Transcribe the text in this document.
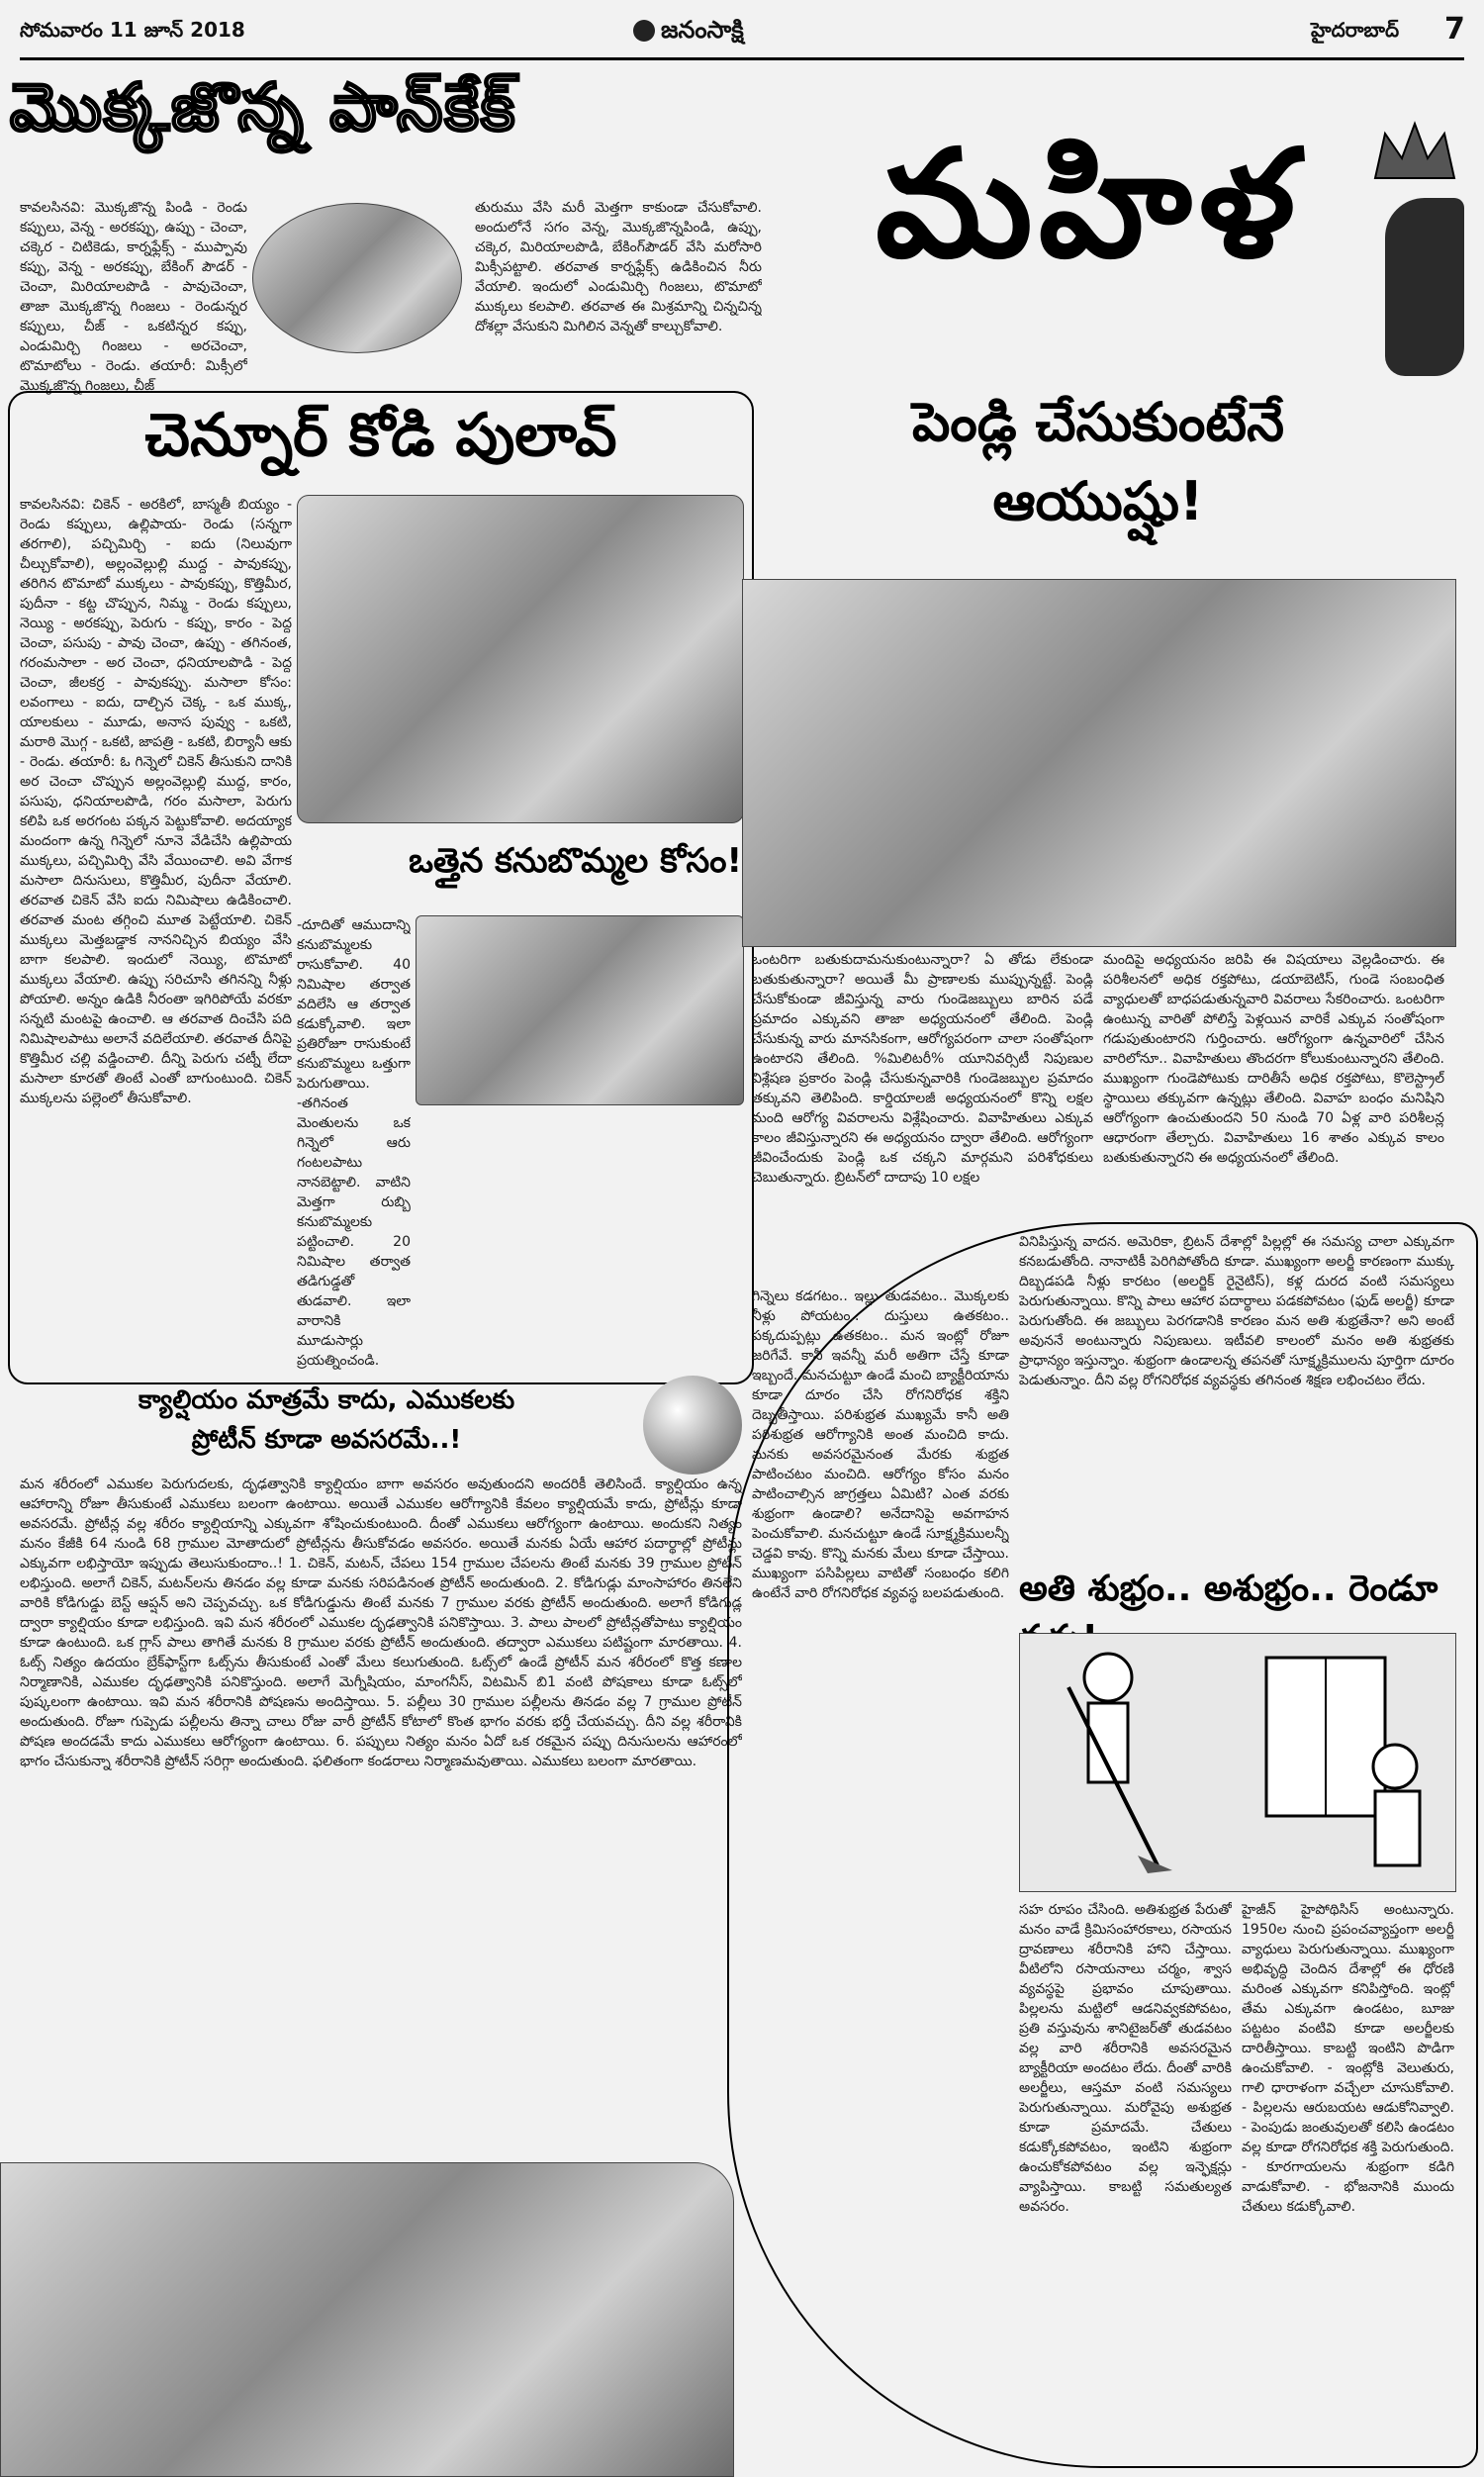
సోమవారం 11 జూన్ 2018	జనంసాక్షి	హైదరాబాద్ 7
మొక్కజొన్న పాన్‌కేక్
కావలసినవి: మొక్కజొన్న పిండి - రెండు కప్పులు, వెన్న - అరకప్పు, ఉప్పు - చెంచా, చక్కెర - చిటికెడు, కార్నఫ్లేక్స్ - ముప్పావు కప్పు, వెన్న - అరకప్పు, బేకింగ్ పౌడర్ - చెంచా, మిరియాలపొడి - పావుచెంచా, తాజా మొక్కజొన్న గింజలు - రెండున్నర కప్పులు, చీజ్ - ఒకటిన్నర కప్పు, ఎండుమిర్చి గింజలు - అరచెంచా, టొమాటోలు - రెండు. తయారీ: మిక్సీలో మొక్కజొన్న గింజలు, చీజ్
తురుము వేసి మరీ మెత్తగా కాకుండా చేసుకోవాలి. అందులోనే సగం వెన్న, మొక్కజొన్నపిండి, ఉప్పు, చక్కెర, మిరియాలపొడి, బేకింగ్‌పౌడర్ వేసి మరోసారి మిక్సీపట్టాలి. తరవాత కార్నఫ్లేక్స్ ఉడికించిన నీరు వేయాలి. ఇందులో ఎండుమిర్చి గింజలు, టొమాటో ముక్కలు కలపాలి. తరవాత ఈ మిశ్రమాన్ని చిన్నచిన్న దోశల్లా వేసుకుని మిగిలిన వెన్నతో కాల్చుకోవాలి.
మహిళ
చెన్నూర్ కోడి పులావ్
కావలసినవి: చికెన్ - అరకిలో, బాస్మతీ బియ్యం - రెండు కప్పులు, ఉల్లిపాయ- రెండు (సన్నగా తరగాలి), పచ్చిమిర్చి - ఐదు (నిలువుగా చీల్చుకోవాలి), అల్లంవెల్లుల్లి ముద్ద - పావుకప్పు, తరిగిన టొమాటో ముక్కలు - పావుకప్పు, కొత్తిమీర, పుదీనా - కట్ట చొప్పున, నిమ్మ - రెండు కప్పులు, నెయ్యి - అరకప్పు, పెరుగు - కప్పు, కారం - పెద్ద చెంచా, పసుపు - పావు చెంచా, ఉప్పు - తగినంత, గరంమసాలా - అర చెంచా, ధనియాలపొడి - పెద్ద చెంచా, జీలకర్ర - పావుకప్పు. మసాలా కోసం: లవంగాలు - ఐదు, దాల్చిన చెక్క - ఒక ముక్క, యాలకులు - మూడు, అనాస పువ్వు - ఒకటి, మరాఠి మొగ్గ - ఒకటి, జాపత్రి - ఒకటి, బిర్యానీ ఆకు - రెండు. తయారీ: ఓ గిన్నెలో చికెన్ తీసుకుని దానికి అర చెంచా చొప్పున అల్లంవెల్లుల్లి ముద్ద, కారం, పసుపు, ధనియాలపొడి, గరం మసాలా, పెరుగు కలిపి ఒక అరగంట పక్కన పెట్టుకోవాలి. అదయ్యాక మందంగా ఉన్న గిన్నెలో నూనె వేడిచేసి ఉల్లిపాయ ముక్కలు, పచ్చిమిర్చి వేసి వేయించాలి. అవి వేగాక మసాలా దినుసులు, కొత్తిమీర, పుదీనా వేయాలి. తరవాత చికెన్ వేసి ఐదు నిమిషాలు ఉడికించాలి. తరవాత మంట తగ్గించి మూత పెట్టేయాలి. చికెన్ ముక్కలు మెత్తబడ్డాక నాననిచ్చిన బియ్యం వేసి బాగా కలపాలి. ఇందులో నెయ్యి, టొమాటో ముక్కలు వేయాలి. ఉప్పు సరిచూసి తగినన్ని నీళ్లు పోయాలి. అన్నం ఉడికి నీరంతా ఇగిరిపోయే వరకూ సన్నటి మంటపై ఉంచాలి. ఆ తరవాత దించేసి పది నిమిషాలపాటు అలానే వదిలేయాలి. తరవాత దీనిపై కొత్తిమీర చల్లి వడ్డించాలి. దీన్ని పెరుగు చట్నీ లేదా మసాలా కూరతో తింటే ఎంతో బాగుంటుంది. చికెన్ ముక్కలను పల్లెంలో తీసుకోవాలి.
ఒత్తైన కనుబొమ్మల కోసం!
-దూదితో ఆముదాన్ని కనుబొమ్మలకు రాసుకోవాలి. 40 నిమిషాల తర్వాత వదిలేసి ఆ తర్వాత కడుక్కోవాలి. ఇలా ప్రతిరోజూ రాసుకుంటే కనుబొమ్మలు ఒత్తుగా పెరుగుతాయి. -తగినంత మెంతులను ఒక గిన్నెలో ఆరు గంటలపాటు నానబెట్టాలి. వాటిని మెత్తగా రుబ్బి కనుబొమ్మలకు పట్టించాలి. 20 నిమిషాల తర్వాత తడిగుడ్డతో తుడవాలి. ఇలా వారానికి మూడుసార్లు ప్రయత్నించండి.
పెండ్లి చేసుకుంటేనే
ఆయుష్షు!
ఒంటరిగా బతుకుదామనుకుంటున్నారా? ఏ తోడు లేకుండా బతుకుతున్నారా? అయితే మీ ప్రాణాలకు ముప్పున్నట్టే. పెండ్లి చేసుకోకుండా జీవిస్తున్న వారు గుండెజబ్బులు బారిన పడే ప్రమాదం ఎక్కువని తాజా అధ్యయనంలో తేలింది. పెండ్లి చేసుకున్న వారు మానసికంగా, ఆరోగ్యపరంగా చాలా సంతోషంగా ఉంటారని తేలింది. %మిలిటరీ% యూనివర్సిటీ నిపుణుల విశ్లేషణ ప్రకారం పెండ్లి చేసుకున్నవారికి గుండెజబ్బుల ప్రమాదం తక్కువని తెలిపింది. కార్డియాలజీ అధ్యయనంలో కొన్ని లక్షల మంది ఆరోగ్య వివరాలను విశ్లేషించారు. వివాహితులు ఎక్కువ కాలం జీవిస్తున్నారని ఈ అధ్యయనం ద్వారా తేలింది. ఆరోగ్యంగా జీవించేందుకు పెండ్లి ఒక చక్కని మార్గమని పరిశోధకులు చెబుతున్నారు. బ్రిటన్‌లో దాదాపు 10 లక్షల
మందిపై అధ్యయనం జరిపి ఈ విషయాలు వెల్లడించారు. ఈ పరిశీలనలో అధిక రక్తపోటు, డయాబెటిస్, గుండె సంబంధిత వ్యాధులతో బాధపడుతున్నవారి వివరాలు సేకరించారు. ఒంటరిగా ఉంటున్న వారితో పోలిస్తే పెళ్లయిన వారికే ఎక్కువ సంతోషంగా గడుపుతుంటారని గుర్తించారు. ఆరోగ్యంగా ఉన్నవారిలో చేసిన వారిలోనూ.. వివాహితులు తొందరగా కోలుకుంటున్నారని తేలింది. ముఖ్యంగా గుండెపోటుకు దారితీసే అధిక రక్తపోటు, కొలెస్ట్రాల్ స్థాయిలు తక్కువగా ఉన్నట్లు తేలింది. వివాహ బంధం మనిషిని ఆరోగ్యంగా ఉంచుతుందని 50 నుండి 70 ఏళ్ల వారి పరిశీలన్ల ఆధారంగా తేల్చారు. వివాహితులు 16 శాతం ఎక్కువ కాలం బతుకుతున్నారని ఈ అధ్యయనంలో తేలింది.
క్యాల్షియం మాత్రమే కాదు, ఎముకలకు
ప్రోటీన్ కూడా అవసరమే..!
మన శరీరంలో ఎముకల పెరుగుదలకు, దృఢత్వానికి క్యాల్షియం బాగా అవసరం అవుతుందని అందరికీ తెలిసిందే. క్యాల్షియం ఉన్న ఆహారాన్ని రోజూ తీసుకుంటే ఎముకలు బలంగా ఉంటాయి. అయితే ఎముకల ఆరోగ్యానికి కేవలం క్యాల్షియమే కాదు, ప్రోటీన్లు కూడా అవసరమే. ప్రోటీన్ల వల్ల శరీరం క్యాల్షియాన్ని ఎక్కువగా శోషించుకుంటుంది. దీంతో ఎముకలు ఆరోగ్యంగా ఉంటాయి. అందుకని నిత్యం మనం కేజీకి 64 నుండి 68 గ్రాముల మోతాదులో ప్రోటీన్లను తీసుకోవడం అవసరం. అయితే మనకు ఏయే ఆహార పదార్థాల్లో ప్రోటీన్లు ఎక్కువగా లభిస్తాయో ఇప్పుడు తెలుసుకుందాం..! 1. చికెన్, మటన్, చేపలు 154 గ్రాముల చేపలను తింటే మనకు 39 గ్రాముల ప్రోటీన్ లభిస్తుంది. అలాగే చికెన్, మటన్‌లను తినడం వల్ల కూడా మనకు సరిపడినంత ప్రోటీన్ అందుతుంది. 2. కోడిగుడ్లు మాంసాహారం తినలేని వారికి కోడిగుడ్డు బెస్ట్ ఆప్షన్ అని చెప్పవచ్చు. ఒక కోడిగుడ్డును తింటే మనకు 7 గ్రాముల వరకు ప్రోటీన్ అందుతుంది. అలాగే కోడిగుడ్ల ద్వారా క్యాల్షియం కూడా లభిస్తుంది. ఇవి మన శరీరంలో ఎముకల దృఢత్వానికి పనికొస్తాయి. 3. పాలు పాలలో ప్రోటీన్లతోపాటు క్యాల్షియం కూడా ఉంటుంది. ఒక గ్లాస్ పాలు తాగితే మనకు 8 గ్రాముల వరకు ప్రోటీన్ అందుతుంది. తద్వారా ఎముకలు పటిష్టంగా మారతాయి. 4. ఓట్స్ నిత్యం ఉదయం బ్రేక్‌ఫాస్ట్‌గా ఓట్స్‌ను తీసుకుంటే ఎంతో మేలు కలుగుతుంది. ఓట్స్‌లో ఉండే ప్రోటీన్ మన శరీరంలో కొత్త కణాల నిర్మాణానికి, ఎముకల దృఢత్వానికి పనికొస్తుంది. అలాగే మెగ్నీషియం, మాంగనీస్, విటమిన్ బి1 వంటి పోషకాలు కూడా ఓట్స్‌లో పుష్కలంగా ఉంటాయి. ఇవి మన శరీరానికి పోషణను అందిస్తాయి. 5. పల్లీలు 30 గ్రాముల పల్లీలను తినడం వల్ల 7 గ్రాముల ప్రోటీన్ అందుతుంది. రోజూ గుప్పెడు పల్లీలను తిన్నా చాలు రోజు వారీ ప్రోటీన్ కోటాలో కొంత భాగం వరకు భర్తీ చేయవచ్చు. దీని వల్ల శరీరానికి పోషణ అందడమే కాదు ఎముకలు ఆరోగ్యంగా ఉంటాయి. 6. పప్పులు నిత్యం మనం ఏదో ఒక రకమైన పప్పు దినుసులను ఆహారంలో భాగం చేసుకున్నా శరీరానికి ప్రోటీన్ సరిగ్గా అందుతుంది. ఫలితంగా కండరాలు నిర్మాణమవుతాయి. ఎముకలు బలంగా మారతాయి.
వినిపిస్తున్న వాదన. అమెరికా, బ్రిటన్ దేశాల్లో పిల్లల్లో ఈ సమస్య చాలా ఎక్కువగా కనబడుతోంది. నానాటికీ పెరిగిపోతోంది కూడా. ముఖ్యంగా అలర్జీ కారణంగా ముక్కు దిబ్బడపడి నీళ్లు కారటం (అలర్జిక్ రైనైటిస్), కళ్ల దురద వంటి సమస్యలు పెరుగుతున్నాయి. కొన్ని పాలు ఆహార పదార్థాలు పడకపోవటం (ఫుడ్ అలర్జీ) కూడా పెరుగుతోంది. ఈ జబ్బులు పెరగడానికి కారణం మన అతి శుభ్రతేనా? అని అంటే అవుననే అంటున్నారు నిపుణులు. ఇటీవలి కాలంలో మనం అతి శుభ్రతకు ప్రాధాన్యం ఇస్తున్నాం. శుభ్రంగా ఉండాలన్న తపనతో సూక్ష్మక్రిములను పూర్తిగా దూరం పెడుతున్నాం. దీని వల్ల రోగనిరోధక వ్యవస్థకు తగినంత శిక్షణ లభించటం లేదు.
గిన్నెలు కడగటం.. ఇల్లు తుడవటం.. మొక్కలకు నీళ్లు పోయటం.. దుస్తులు ఉతకటం.. పక్కదుప్పట్లు ఉతకటం.. మన ఇంట్లో రోజూ జరిగేవే. కానీ ఇవన్నీ మరీ అతిగా చేస్తే కూడా ఇబ్బందే. మనచుట్టూ ఉండే మంచి బ్యాక్టీరియాను కూడా దూరం చేసి రోగనిరోధక శక్తిని దెబ్బతీస్తాయి. పరిశుభ్రత ముఖ్యమే కానీ అతి పరిశుభ్రత ఆరోగ్యానికి అంత మంచిది కాదు. మనకు అవసరమైనంత మేరకు శుభ్రత పాటించటం మంచిది. ఆరోగ్యం కోసం మనం పాటించాల్సిన జాగ్రత్తలు ఏమిటి? ఎంత వరకు శుభ్రంగా ఉండాలి? అనేదానిపై అవగాహన పెంచుకోవాలి. మనచుట్టూ ఉండే సూక్ష్మక్రిములన్నీ చెడ్డవి కావు. కొన్ని మనకు మేలు కూడా చేస్తాయి. ముఖ్యంగా పసిపిల్లలు వాటితో సంబంధం కలిగి ఉంటేనే వారి రోగనిరోధక వ్యవస్థ బలపడుతుంది. అతి శుభ్రం.. అశుభ్రం.. రెండూ
సహ రూపం చేసింది. అతిశుభ్రత పేరుతో మనం వాడే క్రిమిసంహారకాలు, రసాయన ద్రావణాలు శరీరానికి హాని చేస్తాయి. వీటిలోని రసాయనాలు చర్మం, శ్వాస వ్యవస్థపై ప్రభావం చూపుతాయి. పిల్లలను మట్టిలో ఆడనివ్వకపోవటం, ప్రతి వస్తువును శానిటైజర్‌తో తుడవటం వల్ల వారి శరీరానికి అవసరమైన బ్యాక్టీరియా అందటం లేదు. దీంతో వారికి అలర్జీలు, ఆస్తమా వంటి సమస్యలు పెరుగుతున్నాయి. మరోవైపు అశుభ్రత కూడా ప్రమాదమే. చేతులు కడుక్కోకపోవటం, ఇంటిని శుభ్రంగా ఉంచుకోకపోవటం వల్ల ఇన్ఫెక్షన్లు వ్యాపిస్తాయి. కాబట్టి సమతుల్యత అవసరం.
హైజీన్ హైపోథిసిస్ అంటున్నారు. 1950ల నుంచి ప్రపంచవ్యాప్తంగా అలర్జీ వ్యాధులు పెరుగుతున్నాయి. ముఖ్యంగా అభివృద్ధి చెందిన దేశాల్లో ఈ ధోరణి మరింత ఎక్కువగా కనిపిస్తోంది. ఇంట్లో తేమ ఎక్కువగా ఉండటం, బూజు పట్టటం వంటివి కూడా అలర్జీలకు దారితీస్తాయి. కాబట్టి ఇంటిని పొడిగా ఉంచుకోవాలి. - ఇంట్లోకి వెలుతురు, గాలి ధారాళంగా వచ్చేలా చూసుకోవాలి. - పిల్లలను ఆరుబయట ఆడుకోనివ్వాలి. - పెంపుడు జంతువులతో కలిసి ఉండటం వల్ల కూడా రోగనిరోధక శక్తి పెరుగుతుంది. - కూరగాయలను శుభ్రంగా కడిగి వాడుకోవాలి. - భోజనానికి ముందు చేతులు కడుక్కోవాలి.
